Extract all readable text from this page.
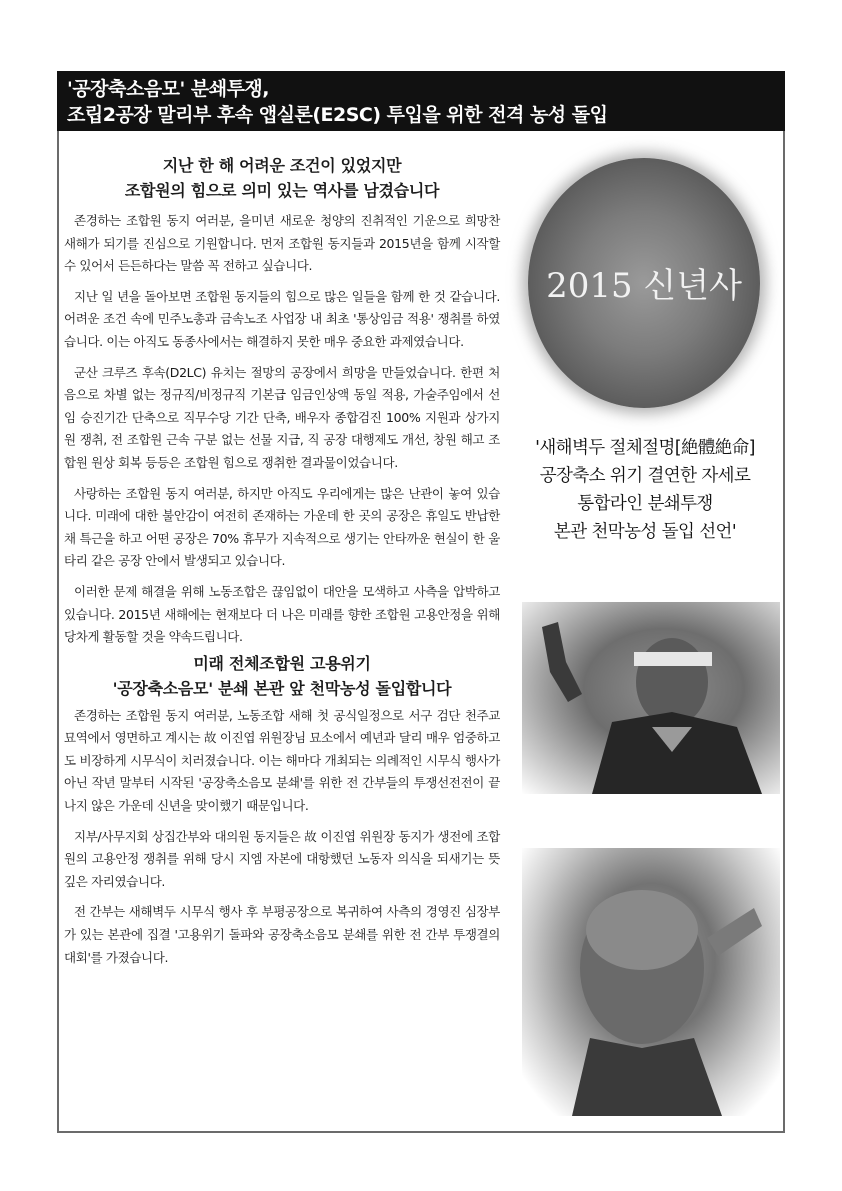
'공장축소음모' 분쇄투쟁,
조립2공장 말리부 후속 앱실론(E2SC) 투입을 위한 전격 농성 돌입
지난 한 해 어려운 조건이 있었지만
조합원의 힘으로 의미 있는 역사를 남겼습니다

존경하는 조합원 동지 여러분, 을미년 새로운 청양의 진취적인 기운으로 희망찬 새해가 되기를 진심으로 기원합니다. 먼저 조합원 동지들과 2015년을 함께 시작할 수 있어서 든든하다는 말씀 꼭 전하고 싶습니다.

지난 일 년을 돌아보면 조합원 동지들의 힘으로 많은 일들을 함께 한 것 같습니다. 어려운 조건 속에 민주노총과 금속노조 사업장 내 최초 '통상임금 적용' 쟁취를 하였습니다. 이는 아직도 동종사에서는 해결하지 못한 매우 중요한 과제였습니다.

군산 크루즈 후속(D2LC) 유치는 절망의 공장에서 희망을 만들었습니다. 한편 처음으로 차별 없는 정규직/비정규직 기본급 임금인상액 동일 적용, 가술주임에서 선임 승진기간 단축으로 직무수당 기간 단축, 배우자 종합검진 100% 지원과 상가지원 쟁취, 전 조합원 근속 구분 없는 선물 지급, 직 공장 대행제도 개선, 창원 해고 조합원 원상 회복 등등은 조합원 힘으로 쟁취한 결과물이었습니다.

사랑하는 조합원 동지 여러분, 하지만 아직도 우리에게는 많은 난관이 놓여 있습니다. 미래에 대한 불안감이 여전히 존재하는 가운데 한 곳의 공장은 휴일도 반납한 채 특근을 하고 어떤 공장은 70% 휴무가 지속적으로 생기는 안타까운 현실이 한 울타리 같은 공장 안에서 발생되고 있습니다.

이러한 문제 해결을 위해 노동조합은 끊임없이 대안을 모색하고 사측을 압박하고 있습니다. 2015년 새해에는 현재보다 더 나은 미래를 향한 조합원 고용안정을 위해 당차게 활동할 것을 약속드립니다.

미래 전체조합원 고용위기
'공장축소음모' 분쇄 본관 앞 천막농성 돌입합니다

존경하는 조합원 동지 여러분, 노동조합 새해 첫 공식일정으로 서구 검단 천주교 묘역에서 영면하고 계시는 故 이진엽 위원장님 묘소에서 예년과 달리 매우 엄중하고도 비장하게 시무식이 치러졌습니다. 이는 해마다 개최되는 의례적인 시무식 행사가 아닌 작년 말부터 시작된 '공장축소음모 분쇄'를 위한 전 간부들의 투쟁선전전이 끝나지 않은 가운데 신년을 맞이했기 때문입니다.

지부/사무지회 상집간부와 대의원 동지들은 故 이진엽 위원장 동지가 생전에 조합원의 고용안정 쟁취를 위해 당시 지엠 자본에 대항했던 노동자 의식을 되새기는 뜻깊은 자리였습니다.

전 간부는 새해벽두 시무식 행사 후 부평공장으로 복귀하여 사측의 경영진 심장부가 있는 본관에 집결 '고용위기 돌파와 공장축소음모 분쇄를 위한 전 간부 투쟁결의대회'를 가졌습니다.

2015 신년사
'새해벽두 절체절명[絶體絶命]
공장축소 위기 결연한 자세로
통합라인 분쇄투쟁
본관 천막농성 돌입 선언'
